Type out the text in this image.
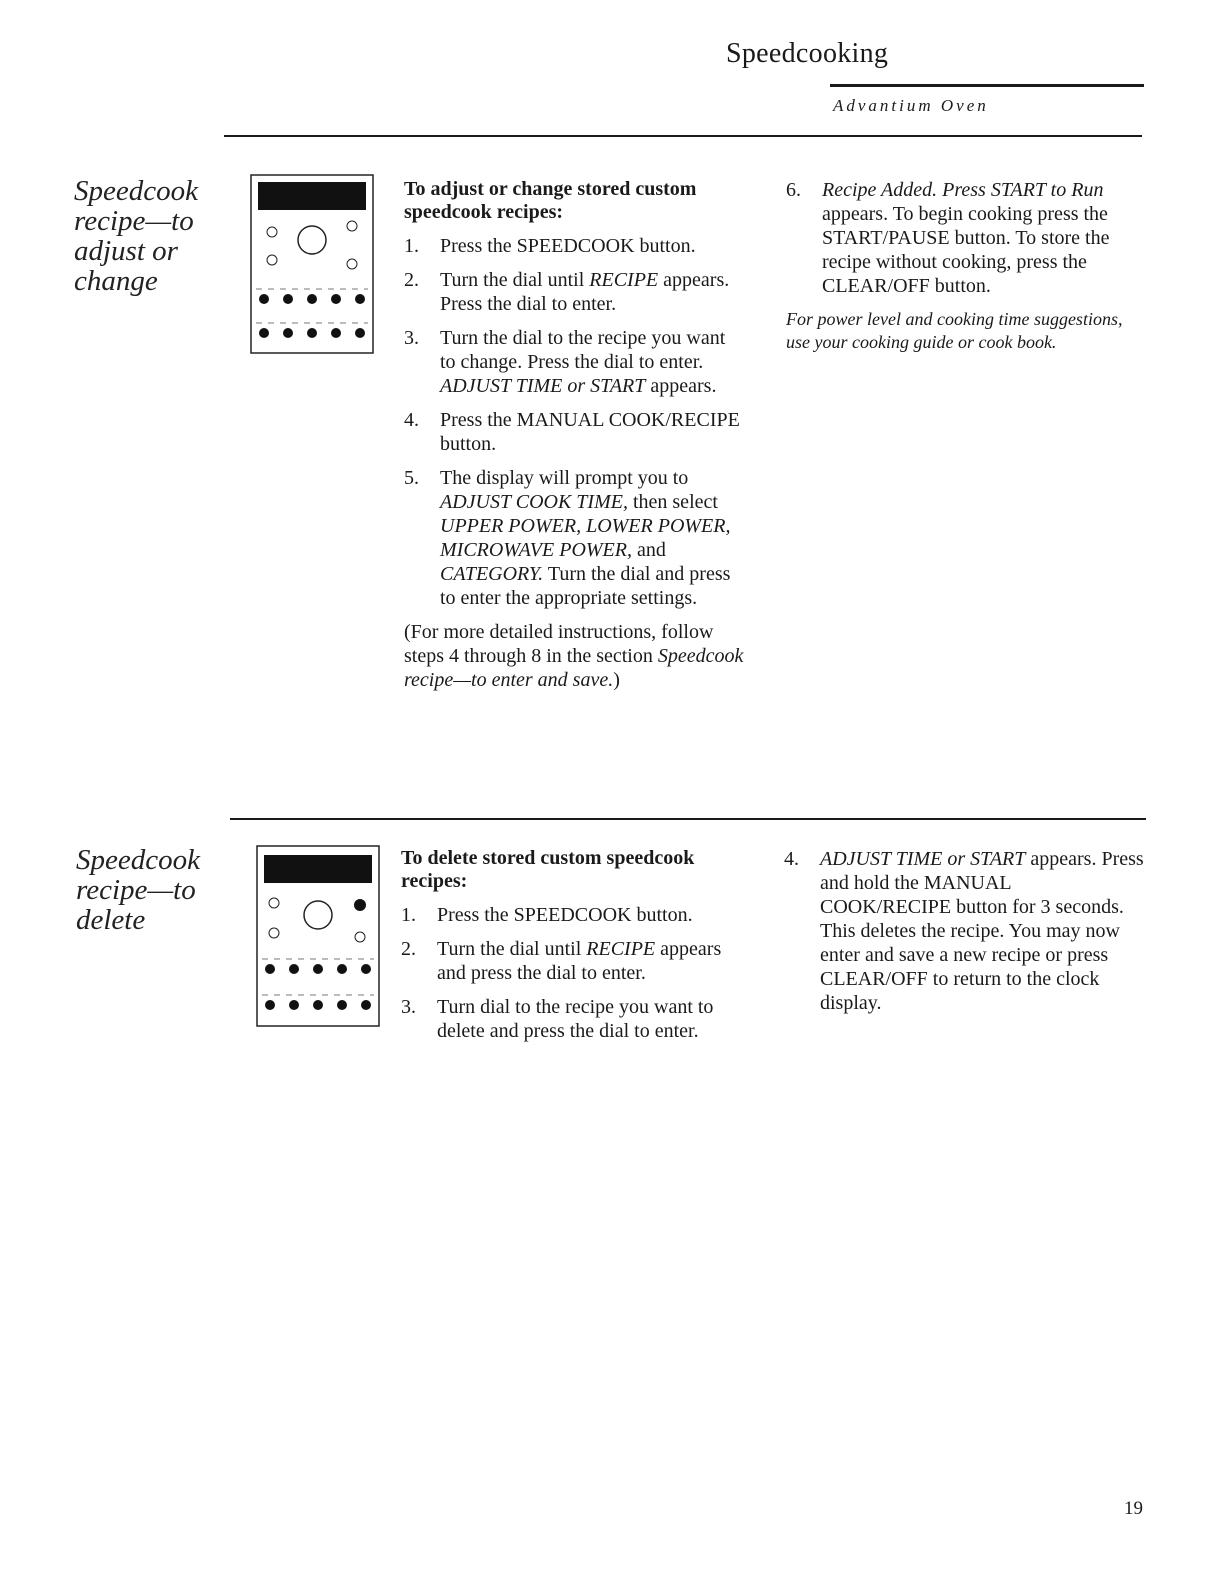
Speedcooking
Advantium Oven
Speedcook
recipe—to
adjust or
change
To adjust or change stored custom speedcook recipes:
1.	Press the SPEEDCOOK button.
2.	Turn the dial until RECIPE appears. Press the dial to enter.
3.	Turn the dial to the recipe you want to change. Press the dial to enter. ADJUST TIME or START appears.
4.	Press the MANUAL COOK/RECIPE button.
5.	The display will prompt you to ADJUST COOK TIME, then select UPPER POWER, LOWER POWER, MICROWAVE POWER, and CATEGORY. Turn the dial and press to enter the appropriate settings.
(For more detailed instructions, follow steps 4 through 8 in the section Speedcook recipe—to enter and save.)
6.	Recipe Added. Press START to Run appears. To begin cooking press the START/PAUSE button. To store the recipe without cooking, press the CLEAR/OFF button.
For power level and cooking time suggestions, use your cooking guide or cook book.
Speedcook
recipe—to
delete
To delete stored custom speedcook recipes:
1.	Press the SPEEDCOOK button.
2.	Turn the dial until RECIPE appears and press the dial to enter.
3.	Turn dial to the recipe you want to delete and press the dial to enter.
4.	ADJUST TIME or START appears. Press and hold the MANUAL COOK/RECIPE button for 3 seconds. This deletes the recipe. You may now enter and save a new recipe or press CLEAR/OFF to return to the clock display.
19
